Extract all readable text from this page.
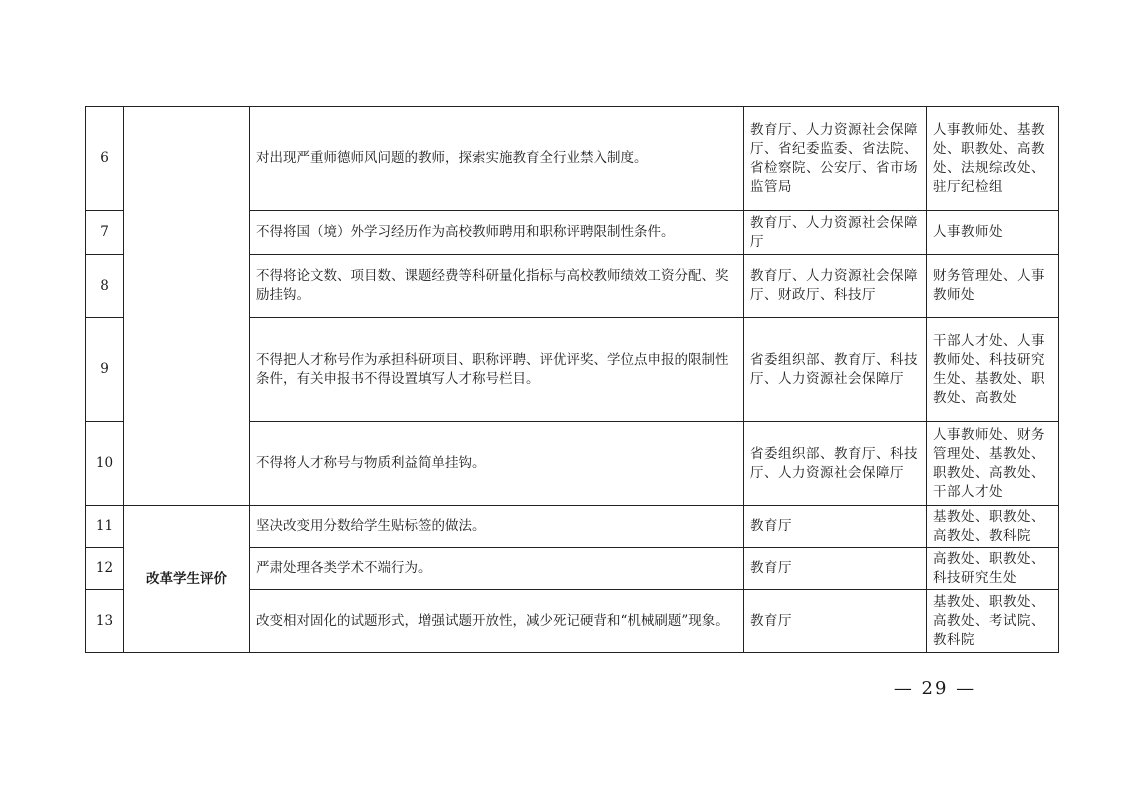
6		对出现严重师德师风问题的教师，探索实施教育全行业禁入制度。	教育厅、人力资源社会保障厅、省纪委监委、省法院、省检察院、公安厅、省市场监管局	人事教师处、基教处、职教处、高教处、法规综改处、驻厅纪检组
7		不得将国（境）外学习经历作为高校教师聘用和职称评聘限制性条件。	教育厅、人力资源社会保障厅	人事教师处
8		不得将论文数、项目数、课题经费等科研量化指标与高校教师绩效工资分配、奖励挂钩。	教育厅、人力资源社会保障厅、财政厅、科技厅	财务管理处、人事教师处
9		不得把人才称号作为承担科研项目、职称评聘、评优评奖、学位点申报的限制性条件，有关申报书不得设置填写人才称号栏目。	省委组织部、教育厅、科技厅、人力资源社会保障厅	干部人才处、人事教师处、科技研究生处、基教处、职教处、高教处
10		不得将人才称号与物质利益简单挂钩。	省委组织部、教育厅、科技厅、人力资源社会保障厅	人事教师处、财务管理处、基教处、职教处、高教处、干部人才处
11	改革学生评价	坚决改变用分数给学生贴标签的做法。	教育厅	基教处、职教处、高教处、教科院
12		严肃处理各类学术不端行为。	教育厅	高教处、职教处、科技研究生处
13		改变相对固化的试题形式，增强试题开放性，减少死记硬背和“机械刷题”现象。	教育厅	基教处、职教处、高教处、考试院、教科院
— 29 —
